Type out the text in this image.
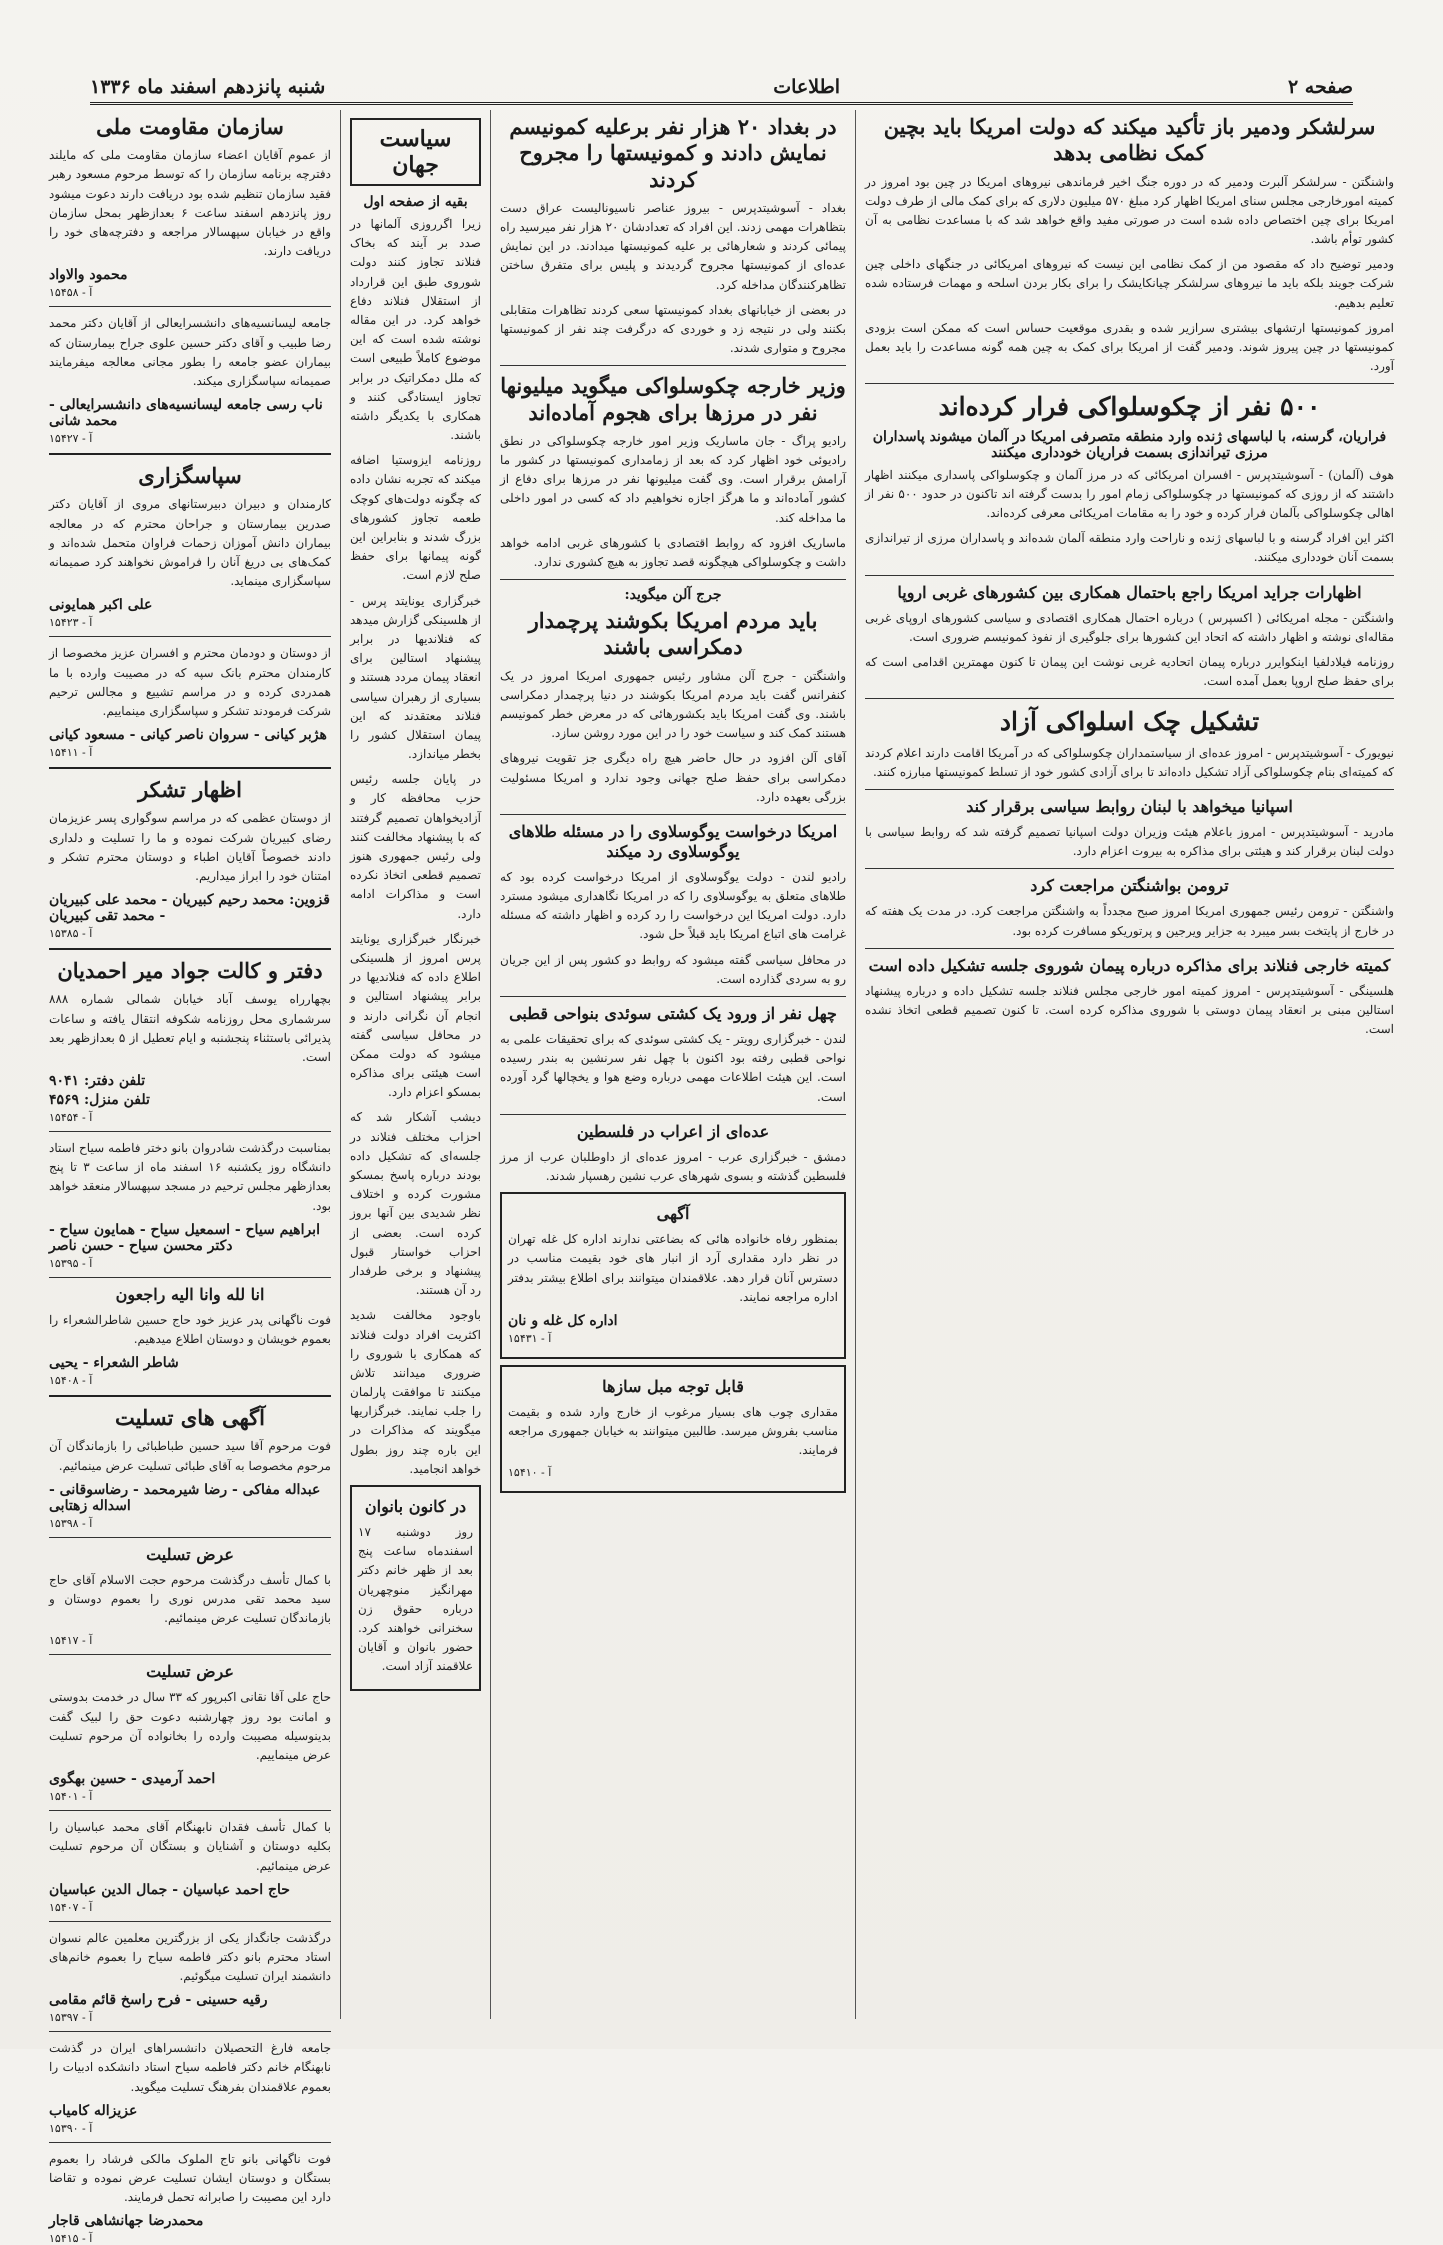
صفحه ۲
اطلاعات
شنبه پانزدهم اسفند ماه ۱۳۳۶
سرلشکر ودمیر باز تأکید میکند که دولت امریکا باید بچین کمک نظامی بدهد
واشنگتن - سرلشکر آلبرت ودمیر که در دوره جنگ اخیر فرماندهی نیروهای امریکا در چین بود امروز در کمیته امورخارجی مجلس سنای امریکا اظهار کرد مبلغ ۵۷۰ میلیون دلاری که برای کمک مالی از طرف دولت امریکا برای چین اختصاص داده شده است در صورتی مفید واقع خواهد شد که با مساعدت نظامی به آن کشور توأم باشد.
ودمیر توضیح داد که مقصود من از کمک نظامی این نیست که نیروهای امریکائی در جنگهای داخلی چین شرکت جویند بلکه باید ما نیروهای سرلشکر چیانکایشک را برای بکار بردن اسلحه و مهمات فرستاده شده تعلیم بدهیم.
امروز کمونیستها ارتشهای بیشتری سرازیر شده و بقدری موقعیت حساس است که ممکن است بزودی کمونیستها در چین پیروز شوند. ودمیر گفت از امریکا برای کمک به چین همه گونه مساعدت را باید بعمل آورد.
۵۰۰ نفر از چکوسلواکی فرار کرده‌اند
فراریان، گرسنه، با لباسهای ژنده وارد منطقه متصرفی امریکا در آلمان میشوند پاسداران مرزی تیراندازی بسمت فراریان خودداری میکنند
هوف (آلمان) - آسوشیتدپرس - افسران امریکائی که در مرز آلمان و چکوسلواکی پاسداری میکنند اظهار داشتند که از روزی که کمونیستها در چکوسلواکی زمام امور را بدست گرفته اند تاکنون در حدود ۵۰۰ نفر از اهالی چکوسلواکی بآلمان فرار کرده و خود را به مقامات امریکائی معرفی کرده‌اند.
اکثر این افراد گرسنه و با لباسهای ژنده و ناراحت وارد منطقه آلمان شده‌اند و پاسداران مرزی از تیراندازی بسمت آنان خودداری میکنند.
اظهارات جراید امریکا راجع باحتمال همکاری بین کشورهای غربی اروپا
واشنگتن - مجله امریکائی ( اکسپرس ) درباره احتمال همکاری اقتصادی و سیاسی کشورهای اروپای غربی مقاله‌ای نوشته و اظهار داشته که اتحاد این کشورها برای جلوگیری از نفوذ کمونیسم ضروری است.
روزنامه فیلادلفیا اینکوایرر درباره پیمان اتحادیه غربی نوشت این پیمان تا کنون مهمترین اقدامی است که برای حفظ صلح اروپا بعمل آمده است.
تشکیل چک اسلواکی آزاد
نیویورک - آسوشیتدپرس - امروز عده‌ای از سیاستمداران چکوسلواکی که در آمریکا اقامت دارند اعلام کردند که کمیته‌ای بنام چکوسلواکی آزاد تشکیل داده‌اند تا برای آزادی کشور خود از تسلط کمونیستها مبارزه کنند.
اسپانیا میخواهد با لبنان روابط سیاسی برقرار کند
مادرید - آسوشیتدپرس - امروز باعلام هیئت وزیران دولت اسپانیا تصمیم گرفته شد که روابط سیاسی با دولت لبنان برقرار کند و هیئتی برای مذاکره به بیروت اعزام دارد.
ترومن بواشنگتن مراجعت کرد
واشنگتن - ترومن رئیس جمهوری امریکا امروز صبح مجدداً به واشنگتن مراجعت کرد. در مدت یک هفته که در خارج از پایتخت بسر میبرد به جزایر ویرجین و پرتوریکو مسافرت کرده بود.
کمیته خارجی فنلاند برای مذاکره درباره پیمان شوروی جلسه تشکیل داده است
هلسینگی - آسوشیتدپرس - امروز کمیته امور خارجی مجلس فنلاند جلسه تشکیل داده و درباره پیشنهاد استالین مبنی بر انعقاد پیمان دوستی با شوروی مذاکره کرده است. تا کنون تصمیم قطعی اتخاذ نشده است.
در بغداد ۲۰ هزار نفر برعلیه کمونیسم نمایش دادند و کمونیستها را مجروح کردند
بغداد - آسوشیتدپرس - بیروز عناصر ناسیونالیست عراق دست بتظاهرات مهمی زدند. این افراد که تعدادشان ۲۰ هزار نفر میرسید راه پیمائی کردند و شعارهائی بر علیه کمونیستها میدادند. در این نمایش عده‌ای از کمونیستها مجروح گردیدند و پلیس برای متفرق ساختن تظاهرکنندگان مداخله کرد.
در بعضی از خیابانهای بغداد کمونیستها سعی کردند تظاهرات متقابلی بکنند ولی در نتیجه زد و خوردی که درگرفت چند نفر از کمونیستها مجروح و متواری شدند.
وزیر خارجه چکوسلواکی میگوید میلیونها نفر در مرزها برای هجوم آماده‌اند
رادیو پراگ - جان ماساریک وزیر امور خارجه چکوسلواکی در نطق رادیوئی خود اظهار کرد که بعد از زمامداری کمونیستها در کشور ما آرامش برقرار است. وی گفت میلیونها نفر در مرزها برای دفاع از کشور آماده‌اند و ما هرگز اجازه نخواهیم داد که کسی در امور داخلی ما مداخله کند.
ماساریک افزود که روابط اقتصادی با کشورهای غربی ادامه خواهد داشت و چکوسلواکی هیچگونه قصد تجاوز به هیچ کشوری ندارد.
جرج آلن میگوید:
باید مردم امریکا بکوشند پرچمدار دمکراسی باشند
واشنگتن - جرج آلن مشاور رئیس جمهوری امریکا امروز در یک کنفرانس گفت باید مردم امریکا بکوشند در دنیا پرچمدار دمکراسی باشند. وی گفت امریکا باید بکشورهائی که در معرض خطر کمونیسم هستند کمک کند و سیاست خود را در این مورد روشن سازد.
آقای آلن افزود در حال حاضر هیچ راه دیگری جز تقویت نیروهای دمکراسی برای حفظ صلح جهانی وجود ندارد و امریکا مسئولیت بزرگی بعهده دارد.
امریکا درخواست یوگوسلاوی را در مسئله طلاهای یوگوسلاوی رد میکند
رادیو لندن - دولت یوگوسلاوی از امریکا درخواست کرده بود که طلاهای متعلق به یوگوسلاوی را که در امریکا نگاهداری میشود مسترد دارد. دولت امریکا این درخواست را رد کرده و اظهار داشته که مسئله غرامت های اتباع امریکا باید قبلاً حل شود.
در محافل سیاسی گفته میشود که روابط دو کشور پس از این جریان رو به سردی گذارده است.
چهل نفر از ورود یک کشتی سوئدی بنواحی قطبی
لندن - خبرگزاری رویتر - یک کشتی سوئدی که برای تحقیقات علمی به نواحی قطبی رفته بود اکنون با چهل نفر سرنشین به بندر رسیده است. این هیئت اطلاعات مهمی درباره وضع هوا و یخچالها گرد آورده است.
عده‌ای از اعراب در فلسطین
دمشق - خبرگزاری عرب - امروز عده‌ای از داوطلبان عرب از مرز فلسطین گذشته و بسوی شهرهای عرب نشین رهسپار شدند.
آگهی
بمنظور رفاه خانواده هائی که بضاعتی ندارند اداره کل غله تهران در نظر دارد مقداری آرد از انبار های خود بقیمت مناسب در دسترس آنان قرار دهد. علاقمندان میتوانند برای اطلاع بیشتر بدفتر اداره مراجعه نمایند.
اداره کل غله و نان
آ - ۱۵۴۳۱
قابل توجه مبل سازها
مقداری چوب های بسیار مرغوب از خارج وارد شده و بقیمت مناسب بفروش میرسد. طالبین میتوانند به خیابان جمهوری مراجعه فرمایند.
آ - ۱۵۴۱۰
سیاست جهان
بقیه از صفحه اول
زیرا اگرروزی آلمانها در صدد بر آیند که بخاک فنلاند تجاوز کنند دولت شوروی طبق این قرارداد از استقلال فنلاند دفاع خواهد کرد. در این مقاله نوشته شده است که این موضوع کاملاً طبیعی است که ملل دمکراتیک در برابر تجاوز ایستادگی کنند و همکاری با یکدیگر داشته باشند.
روزنامه ایزوستیا اضافه میکند که تجربه نشان داده که چگونه دولت‌های کوچک طعمه تجاوز کشورهای بزرگ شدند و بنابراین این گونه پیمانها برای حفظ صلح لازم است.
خبرگزاری یونایتد پرس - از هلسینکی گزارش میدهد که فنلاندیها در برابر پیشنهاد استالین برای انعقاد پیمان مردد هستند و بسیاری از رهبران سیاسی فنلاند معتقدند که این پیمان استقلال کشور را بخطر میاندازد.
در پایان جلسه رئیس حزب محافظه کار و آزادیخواهان تصمیم گرفتند که با پیشنهاد مخالفت کنند ولی رئیس جمهوری هنوز تصمیم قطعی اتخاذ نکرده است و مذاکرات ادامه دارد.
خبرنگار خبرگزاری یونایتد پرس امروز از هلسینکی اطلاع داده که فنلاندیها در برابر پیشنهاد استالین و انجام آن نگرانی دارند و در محافل سیاسی گفته میشود که دولت ممکن است هیئتی برای مذاکره بمسکو اعزام دارد.
دیشب آشکار شد که احزاب مختلف فنلاند در جلسه‌ای که تشکیل داده بودند درباره پاسخ بمسکو مشورت کرده و اختلاف نظر شدیدی بین آنها بروز کرده است. بعضی از احزاب خواستار قبول پیشنهاد و برخی طرفدار رد آن هستند.
باوجود مخالفت شدید اکثریت افراد دولت فنلاند که همکاری با شوروی را ضروری میدانند تلاش میکنند تا موافقت پارلمان را جلب نمایند. خبرگزاریها میگویند که مذاکرات در این باره چند روز بطول خواهد انجامید.
در کانون بانوان
روز دوشنبه ۱۷ اسفندماه ساعت پنج بعد از ظهر خانم دکتر مهرانگیز منوچهریان درباره حقوق زن سخنرانی خواهند کرد. حضور بانوان و آقایان علاقمند آزاد است.
سازمان مقاومت ملی
از عموم آقایان اعضاء سازمان مقاومت ملی که مایلند دفترچه برنامه سازمان را که توسط مرحوم مسعود رهبر فقید سازمان تنظیم شده بود دریافت دارند دعوت میشود روز پانزدهم اسفند ساعت ۶ بعدازظهر بمحل سازمان واقع در خیابان سپهسالار مراجعه و دفترچه‌های خود را دریافت دارند.
محمود والاواد
آ - ۱۵۴۵۸
جامعه لیسانسیه‌های دانشسرایعالی از آقایان دکتر محمد رضا طبیب و آقای دکتر حسین علوی جراح بیمارستان که بیماران عضو جامعه را بطور مجانی معالجه میفرمایند صمیمانه سپاسگزاری میکند.
ناب رسی جامعه لیسانسیه‌های دانشسرایعالی - محمد شانی
آ - ۱۵۴۲۷
سپاسگزاری
کارمندان و دبیران دبیرستانهای مروی از آقایان دکتر صدرین بیمارستان و جراحان محترم که در معالجه بیماران دانش آموزان زحمات فراوان متحمل شده‌اند و کمک‌های بی دریغ آنان را فراموش نخواهند کرد صمیمانه سپاسگزاری مینماید.
علی اکبر همایونی
آ - ۱۵۴۲۳
از دوستان و دودمان محترم و افسران عزیز مخصوصا از کارمندان محترم بانک سپه که در مصیبت وارده با ما همدردی کرده و در مراسم تشییع و مجالس ترحیم شرکت فرمودند تشکر و سپاسگزاری مینماییم.
هژبر کیانی - سروان ناصر کیانی - مسعود کیانی
آ - ۱۵۴۱۱
اظهار تشکر
از دوستان عظمی که در مراسم سوگواری پسر عزیزمان رضای کبیریان شرکت نموده و ما را تسلیت و دلداری دادند خصوصاً آقایان اطباء و دوستان محترم تشکر و امتنان خود را ابراز میداریم.
قزوین: محمد رحیم کبیریان - محمد علی کبیریان - محمد تقی کبیریان
آ - ۱۵۳۸۵
دفتر و کالت جواد میر احمدیان
بچهارراه یوسف آباد خیابان شمالی شماره ۸۸۸ سرشماری محل روزنامه شکوفه انتقال یافته و ساعات پذیرائی باستثناء پنجشنبه و ایام تعطیل از ۵ بعدازظهر بعد است.
تلفن دفتر: ۹۰۴۱
تلفن منزل: ۴۵۶۹
آ - ۱۵۴۵۴
بمناسبت درگذشت شادروان بانو دختر فاطمه سیاح استاد دانشگاه روز یکشنبه ۱۶ اسفند ماه از ساعت ۳ تا پنج بعدازظهر مجلس ترحیم در مسجد سپهسالار منعقد خواهد بود.
ابراهیم سیاح - اسمعیل سیاح - همایون سیاح - دکتر محسن سیاح - حسن ناصر
آ - ۱۵۳۹۵
انا لله وانا الیه راجعون
فوت ناگهانی پدر عزیز خود حاج حسین شاطرالشعراء را بعموم خویشان و دوستان اطلاع میدهیم.
شاطر الشعراء - یحیی
آ - ۱۵۴۰۸
آگهی های تسلیت
فوت مرحوم آقا سید حسین طباطبائی را بازماندگان آن مرحوم مخصوصا به آقای طبائی تسلیت عرض مینمائیم.
عبداله مفاکی - رضا شیرمحمد - رضاسوقانی - اسداله زهتابی
آ - ۱۵۳۹۸
عرض تسلیت
با کمال تأسف درگذشت مرحوم حجت الاسلام آقای حاج سید محمد تقی مدرس نوری را بعموم دوستان و بازماندگان تسلیت عرض مینمائیم.
آ - ۱۵۴۱۷
عرض تسلیت
حاج علی آقا نقانی اکبرپور که ۳۳ سال در خدمت بدوستی و امانت بود روز چهارشنبه دعوت حق را لبیک گفت بدینوسیله مصیبت وارده را بخانواده آن مرحوم تسلیت عرض مینماییم.
احمد آرمیدی - حسین بهگوی
آ - ۱۵۴۰۱
با کمال تأسف فقدان نابهنگام آقای محمد عباسیان را بکلیه دوستان و آشنایان و بستگان آن مرحوم تسلیت عرض مینمائیم.
حاج احمد عباسیان - جمال الدین عباسیان
آ - ۱۵۴۰۷
درگذشت جانگداز یکی از بزرگترین معلمین عالم نسوان استاد محترم بانو دکتر فاطمه سیاح را بعموم خانم‌های دانشمند ایران تسلیت میگوئیم.
رقیه حسینی - فرح راسخ قائم مقامی
آ - ۱۵۳۹۷
جامعه فارغ التحصیلان دانشسراهای ایران در گذشت نابهنگام خانم دکتر فاطمه سیاح استاد دانشکده ادبیات را بعموم علاقمندان بفرهنگ تسلیت میگوید.
عزیزاله کامیاب
آ - ۱۵۳۹۰
فوت ناگهانی بانو تاج الملوک مالکی فرشاد را بعموم بستگان و دوستان ایشان تسلیت عرض نموده و تقاضا دارد این مصیبت را صابرانه تحمل فرمایند.
محمدرضا جهانشاهی قاجار
آ - ۱۵۴۱۵
